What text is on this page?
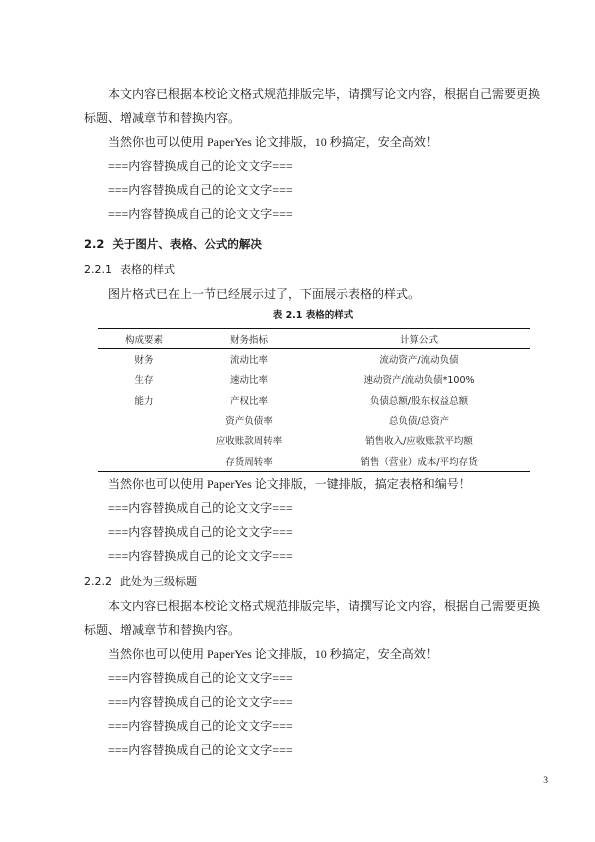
本文内容已根据本校论文格式规范排版完毕，请撰写论文内容，根据自己需要更换标题、增减章节和替换内容。

当然你也可以使用 PaperYes 论文排版，10 秒搞定，安全高效！

===内容替换成自己的论文文字===

===内容替换成自己的论文文字===

===内容替换成自己的论文文字===

2.2 关于图片、表格、公式的解决
2.2.1 表格的样式

图片格式已在上一节已经展示过了，下面展示表格的样式。

表 2.1 表格的样式
构成要素	财务指标	计算公式
财务	流动比率	流动资产/流动负债
生存	速动比率	速动资产/流动负债*100%
能力	产权比率	负债总额/股东权益总额
	资产负债率	总负债/总资产
	应收账款周转率	销售收入/应收账款平均额
	存货周转率	销售（营业）成本/平均存货

当然你也可以使用 PaperYes 论文排版，一键排版，搞定表格和编号！

===内容替换成自己的论文文字===

===内容替换成自己的论文文字===

===内容替换成自己的论文文字===

2.2.2 此处为三级标题

本文内容已根据本校论文格式规范排版完毕，请撰写论文内容，根据自己需要更换标题、增减章节和替换内容。

当然你也可以使用 PaperYes 论文排版，10 秒搞定，安全高效！

===内容替换成自己的论文文字===

===内容替换成自己的论文文字===

===内容替换成自己的论文文字===

===内容替换成自己的论文文字===

3
